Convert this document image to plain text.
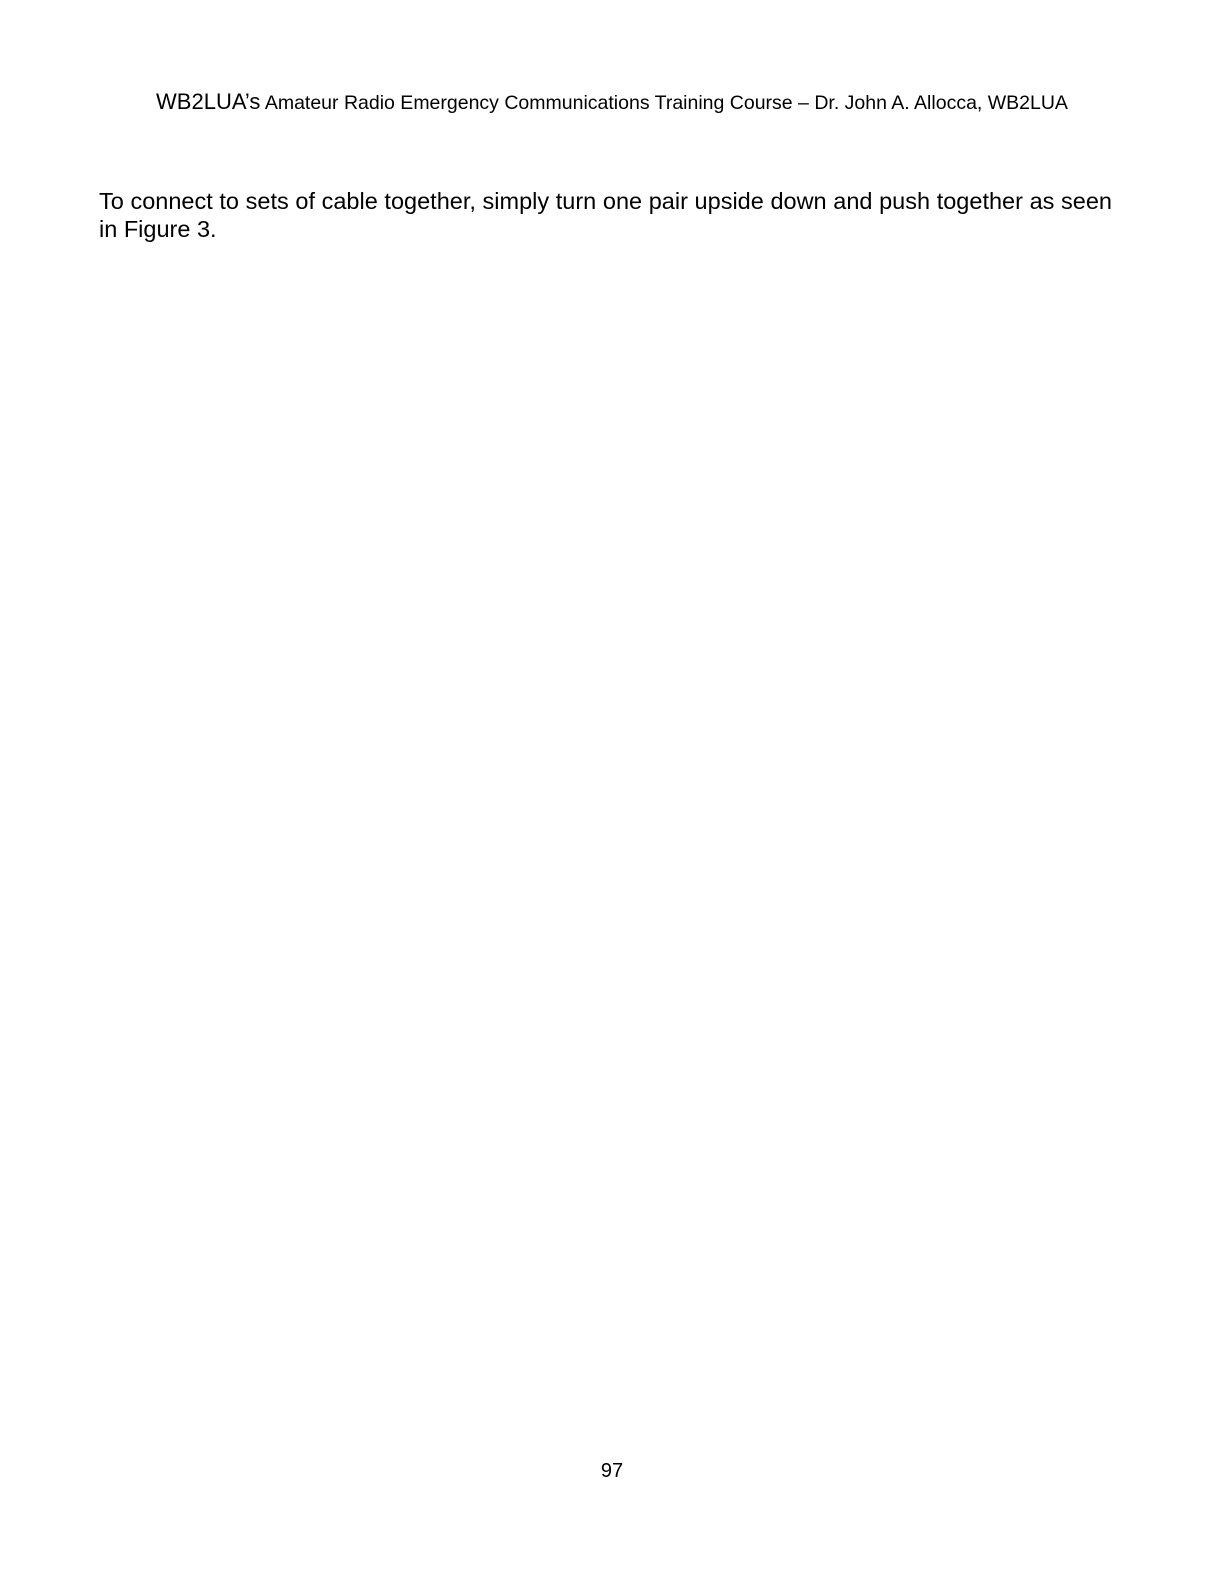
WB2LUA’s Amateur Radio Emergency Communications Training Course – Dr. John A. Allocca, WB2LUA

To connect to sets of cable together, simply turn one pair upside down and push together as seen in Figure 3.

97
